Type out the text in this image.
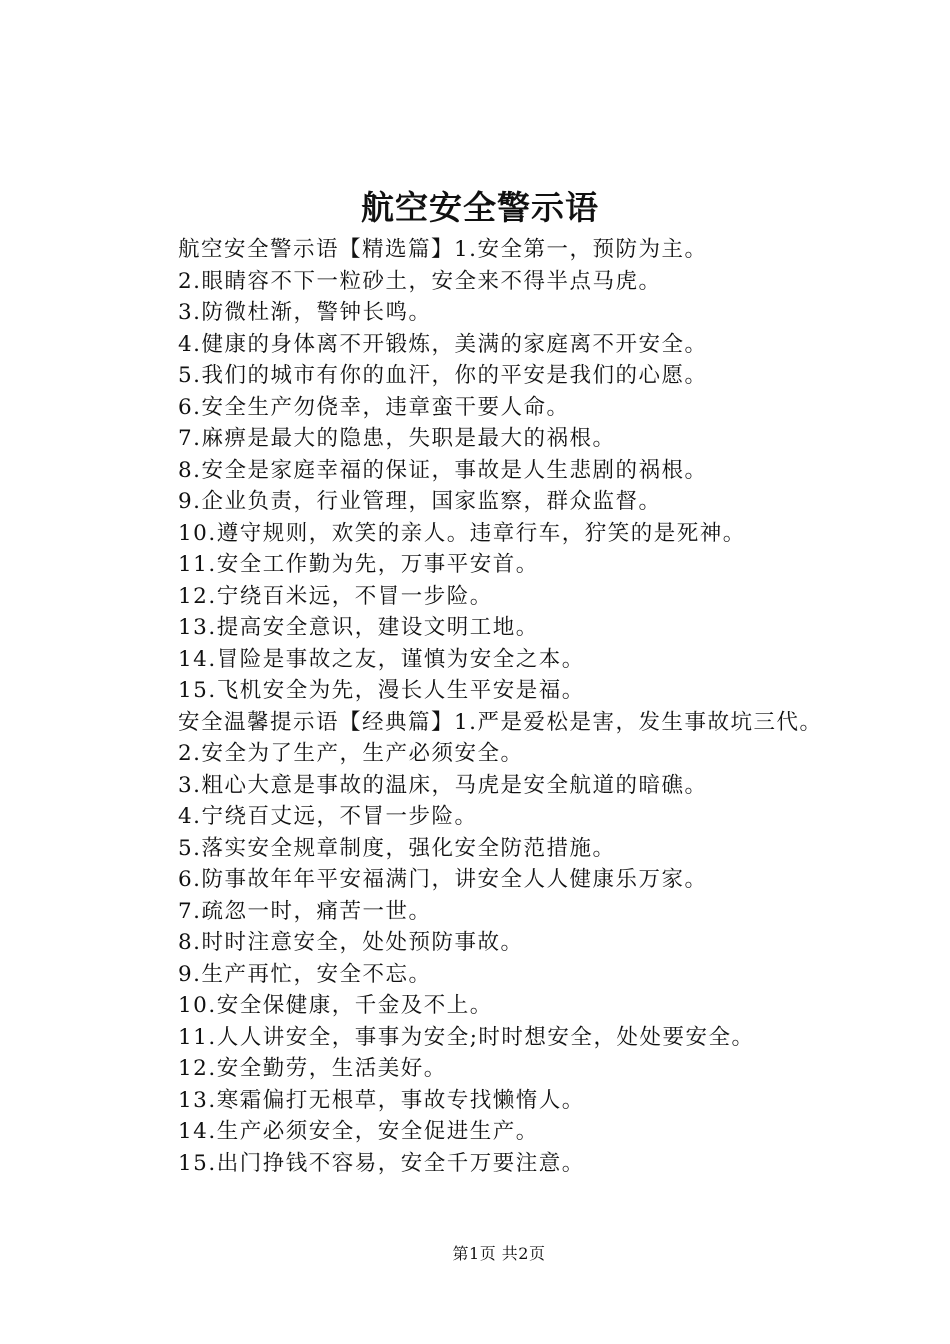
航空安全警示语

航空安全警示语【精选篇】1.安全第一，预防为主。

2.眼睛容不下一粒砂土，安全来不得半点马虎。

3.防微杜渐，警钟长鸣。

4.健康的身体离不开锻炼，美满的家庭离不开安全。

5.我们的城市有你的血汗，你的平安是我们的心愿。

6.安全生产勿侥幸，违章蛮干要人命。

7.麻痹是最大的隐患，失职是最大的祸根。

8.安全是家庭幸福的保证，事故是人生悲剧的祸根。

9.企业负责，行业管理，国家监察，群众监督。

10.遵守规则，欢笑的亲人。违章行车，狞笑的是死神。

11.安全工作勤为先，万事平安首。

12.宁绕百米远，不冒一步险。

13.提高安全意识，建设文明工地。

14.冒险是事故之友，谨慎为安全之本。

15.飞机安全为先，漫长人生平安是福。

安全温馨提示语【经典篇】1.严是爱松是害，发生事故坑三代。

2.安全为了生产，生产必须安全。

3.粗心大意是事故的温床，马虎是安全航道的暗礁。

4.宁绕百丈远，不冒一步险。

5.落实安全规章制度，强化安全防范措施。

6.防事故年年平安福满门，讲安全人人健康乐万家。

7.疏忽一时，痛苦一世。

8.时时注意安全，处处预防事故。

9.生产再忙，安全不忘。

10.安全保健康，千金及不上。

11.人人讲安全，事事为安全;时时想安全，处处要安全。

12.安全勤劳，生活美好。

13.寒霜偏打无根草，事故专找懒惰人。

14.生产必须安全，安全促进生产。

15.出门挣钱不容易，安全千万要注意。

第1页 共2页
